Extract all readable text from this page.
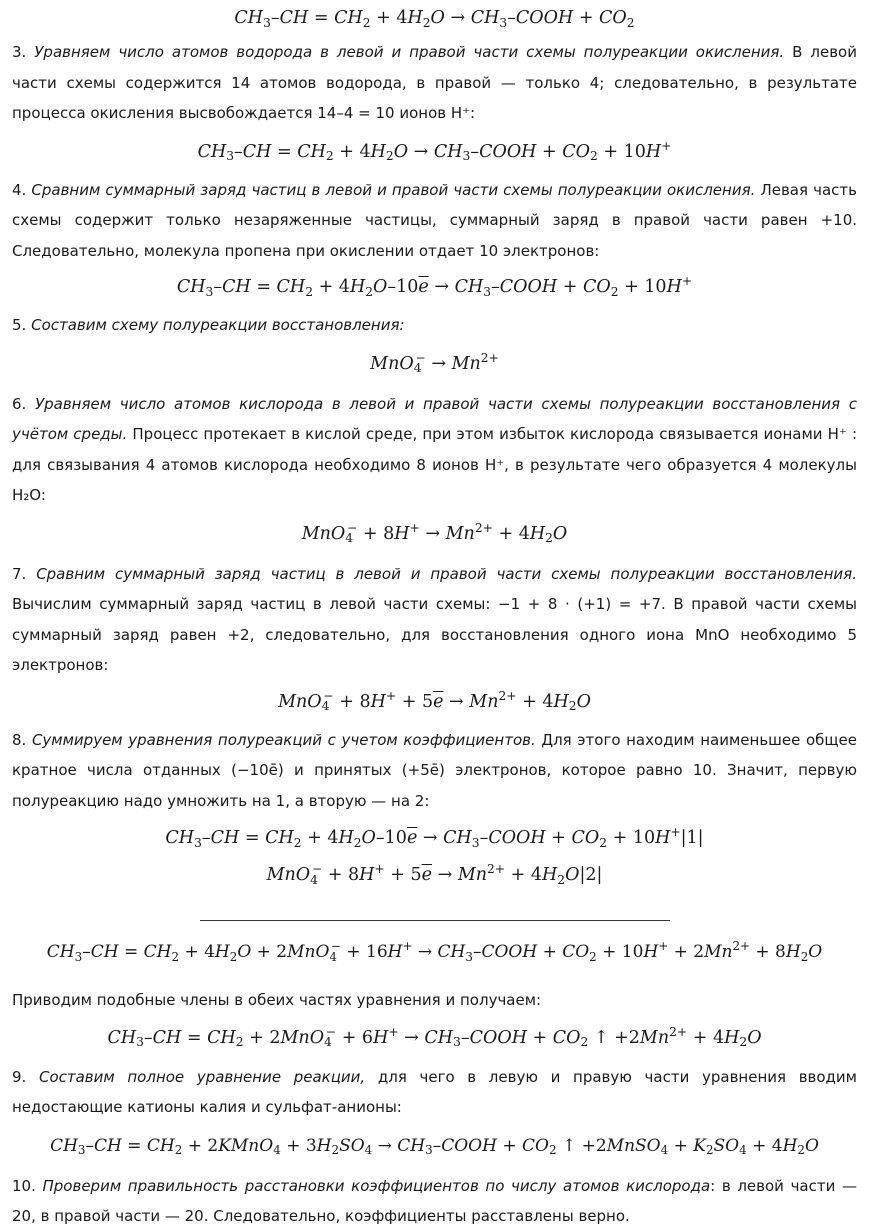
$CH_3-CH = CH_2 + 4H_2O$ → $CH_3$–COOH + $CO_2$

3. Уравняем число атомов водорода в левой и правой части схемы полуреакции окисления. В левой части схемы содержится 14 атомов водорода, в правой — только 4; следовательно, в результате процесса окисления высвобождается 14–4 = 10 ионов H⁺:

$CH_3-CH = CH_2 + 4H_2O$ → $CH_3$–COOH + $CO_2 + 10H^+$

4. Сравним суммарный заряд частиц в левой и правой части схемы полуреакции окисления. Левая часть схемы содержит только незаряженные частицы, суммарный заряд в правой части равен +10. Следовательно, молекула пропена при окислении отдает 10 электронов:

$CH_3-CH = CH_2 + 4H_2O-10\overline{e}$ → $CH_3$–COOH + $CO_2 + 10H^+$

5. Составим схему полуреакции восстановления:

$MnO_4^- \to Mn^{2+}$

6. Уравняем число атомов кислорода в левой и правой части схемы полуреакции восстановления с учётом среды. Процесс протекает в кислой среде, при этом избыток кислорода связывается ионами H⁺ : для связывания 4 атомов кислорода необходимо 8 ионов H⁺, в результате чего образуется 4 молекулы H₂O:

$MnO_4^- + 8H^+ \to Mn^{2+} + 4H_2O$

7. Сравним суммарный заряд частиц в левой и правой части схемы полуреакции восстановления. Вычислим суммарный заряд частиц в левой части схемы: −1 + 8 · (+1) = +7. В правой части схемы суммарный заряд равен +2, следовательно, для восстановления одного иона MnO необходимо 5 электронов:

$MnO_4^- + 8H^+ + 5\overline{e} \to Mn^{2+} + 4H_2O$

8. Суммируем уравнения полуреакций с учетом коэффициентов. Для этого находим наименьшее общее кратное числа отданных (−10ē) и принятых (+5ē) электронов, которое равно 10. Значит, первую полуреакцию надо умножить на 1, а вторую — на 2:

$CH_3-CH = CH_2 + 4H_2O-10\overline{e}$ → $CH_3$–COOH + $CO_2 + 10H^+|1|$

$MnO_4^- + 8H^+ + 5\overline{e} \to Mn^{2+} + 4H_2O|2|$

$CH_3-CH = CH_2 + 4H_2O + 2MnO_4^- + 16H^+$ → $CH_3$–COOH + $CO_2 + 10H^+ + 2Mn^{2+} + 8H_2O$

Приводим подобные члены в обеих частях уравнения и получаем:

$CH_3-CH = CH_2 + 2MnO_4^- + 6H^+$ → $CH_3$–COOH + $CO_2$ ↑ $+2Mn^{2+} + 4H_2O$

9. Составим полное уравнение реакции, для чего в левую и правую части уравнения вводим недостающие катионы калия и сульфат-анионы:

$CH_3-CH = CH_2$ + 2KMnO$_4$ + $3H_2SO_4$ → $CH_3$–COOH + $CO_2$ ↑ +2MnSO$_4$ + $K_2SO_4 + 4H_2O$

10. Проверим правильность расстановки коэффициентов по числу атомов кислорода: в левой части — 20, в правой части — 20. Следовательно, коэффициенты расставлены верно.
